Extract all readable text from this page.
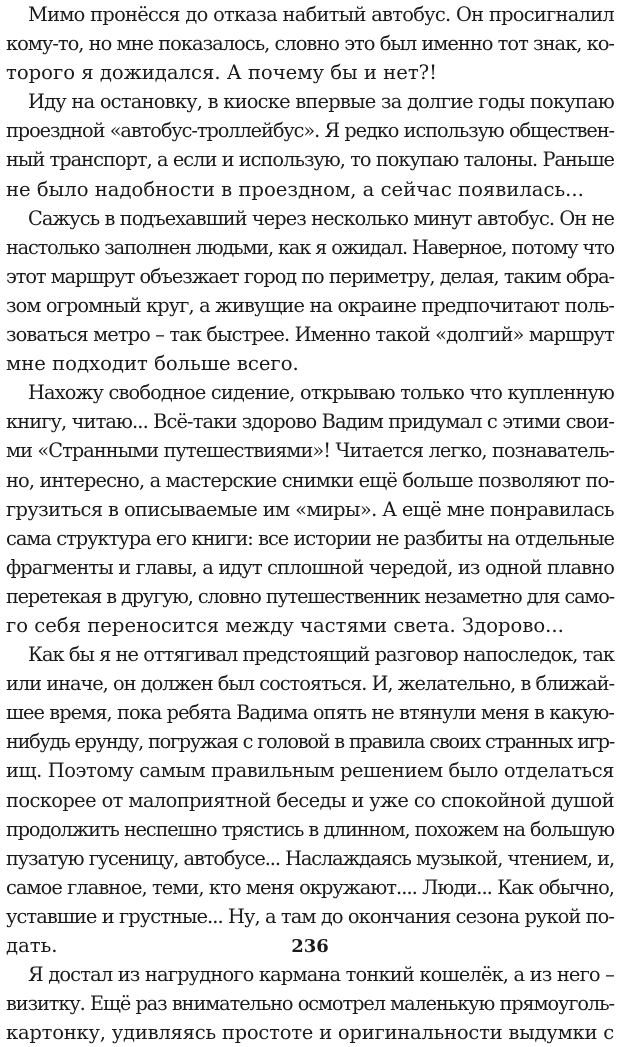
Мимо пронёсся до отказа набитый автобус. Он просигналил
кому-то, но мне показалось, словно это был именно тот знак, ко-
торого я дожидался. А почему бы и нет?!
Иду на остановку, в киоске впервые за долгие годы покупаю
проездной «автобус-троллейбус». Я редко использую обществен-
ный транспорт, а если и использую, то покупаю талоны. Раньше
не было надобности в проездном, а сейчас появилась...
Сажусь в подъехавший через несколько минут автобус. Он не
настолько заполнен людьми, как я ожидал. Наверное, потому что
этот маршрут объезжает город по периметру, делая, таким обра-
зом огромный круг, а живущие на окраине предпочитают поль-
зоваться метро – так быстрее. Именно такой «долгий» маршрут
мне подходит больше всего.
Нахожу свободное сидение, открываю только что купленную
книгу, читаю... Всё-таки здорово Вадим придумал с этими свои-
ми «Странными путешествиями»! Читается легко, познаватель-
но, интересно, а мастерские снимки ещё больше позволяют по-
грузиться в описываемые им «миры». А ещё мне понравилась
сама структура его книги: все истории не разбиты на отдельные
фрагменты и главы, а идут сплошной чередой, из одной плавно
перетекая в другую, словно путешественник незаметно для само-
го себя переносится между частями света. Здорово...
Как бы я не оттягивал предстоящий разговор напоследок, так
или иначе, он должен был состояться. И, желательно, в ближай-
шее время, пока ребята Вадима опять не втянули меня в какую-
нибудь ерунду, погружая с головой в правила своих странных игр-
ищ. Поэтому самым правильным решением было отделаться
поскорее от малоприятной беседы и уже со спокойной душой
продолжить неспешно трястись в длинном, похожем на большую
пузатую гусеницу, автобусе... Наслаждаясь музыкой, чтением, и,
самое главное, теми, кто меня окружают.... Люди... Как обычно,
уставшие и грустные... Ну, а там до окончания сезона рукой по-
дать.
Я достал из нагрудного кармана тонкий кошелёк, а из него –
визитку. Ещё раз внимательно осмотрел маленькую прямоуголь-
картонку, удивляясь простоте и оригинальности выдумки с
236
